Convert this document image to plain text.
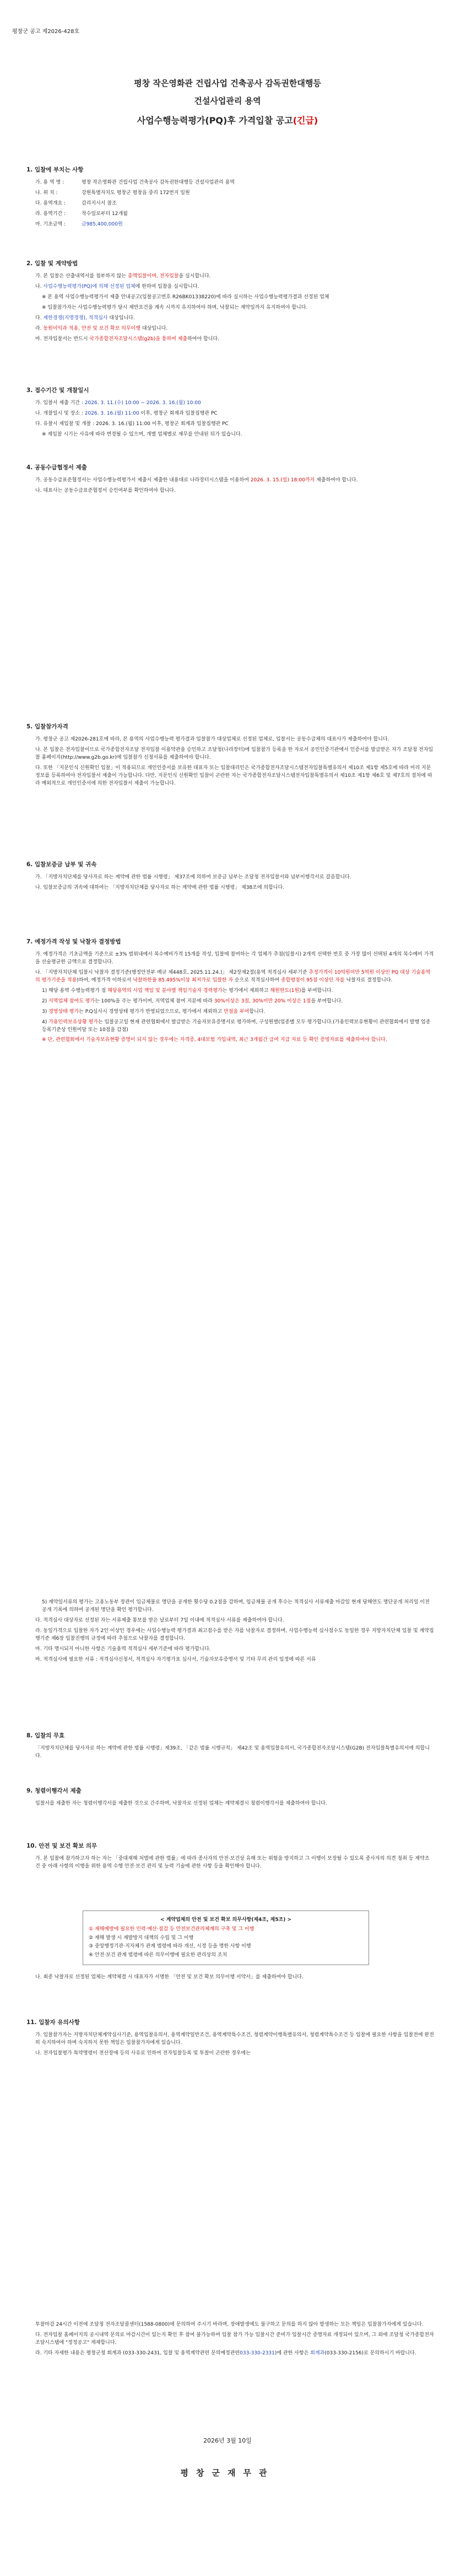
평창군 공고 제2026-428호
평창 작은영화관 건립사업 건축공사 감독권한대행등
건설사업관리 용역
사업수행능력평가(PQ)후 가격입찰 공고(긴급)
1. 입찰에 부치는 사항
가. 용 역 명 :	평창 작은영화관 건립사업 건축공사 감독권한대행등 건설사업관리 용역
나. 위 치 :	강원특별자치도 평창군 평창읍 중리 172번지 일원
다. 용역개요 :	감리지시서 참조
라. 용역기간 :	착수일로부터 12개월
마. 기초금액 :	금985,400,000원
2. 입찰 및 계약방법
가. 본 입찰은 산출내역서를 첨부하지 않는 총액입찰이며, 전자입찰을 실시합니다.
나. 사업수행능력평가(PQ)에 의해 선정된 업체에 한하여 입찰을 실시합니다.
※ 본 용역 사업수행능력평가서 제출 안내공고(입찰공고번호 R26BK01338220)에 따라 실시하는 사업수행능력평가결과 선정된 업체
※ 입찰참가자는 사업수행능력평가 당시 제반요건을 계속 시까지 유지하여야 하며, 낙찰되는 계약일까지 유지하여야 합니다.
다. 제한경쟁(지명경쟁), 적격심사 대상입니다.
라. 동원이익과 적용, 안전 및 보건 확보 의무이행 대상입니다.
마. 전자입찰서는 반드시 국가종합전자조달시스템(g2b)을 통하여 제출하여야 합니다.
3. 접수기간 및 개찰일시
가. 입찰서 제출 기간 : 2026. 3. 11.(수) 10:00 ~ 2026. 3. 16.(월) 10:00
나. 개찰일시 및 장소 : 2026. 3. 16.(월) 11:00 이후, 평창군 회계과 입찰집행관 PC
다. 유찰시 재입찰 및 개찰 : 2026. 3. 16.(월) 11:00 이후, 평창군 회계과 입찰집행관 PC
※ 재입찰 시기는 사유에 따라 변경될 수 있으며, 개별 업체별로 재무를 안내된 뒤가 있습니다.
4. 공동수급협정서 제출
가. 공동수급표준협정서는 사업수행능력평가서 제출시 제출한 내용대로 나라장터시스템을 이용하여 2026. 3. 15.(일) 18:00까지 제출하여야 합니다.
나. 대표사는 공동수급표준협정서 승인여부를 확인하여야 합니다.
5. 입찰참가자격
가. 평창군 공고 제2026-281호에 따라, 본 용역의 사업수행능력 평가결과 입찰참가 대상업체로 선정된 업체로, 입찰서는 공동수급체의 대표사가 제출하여야 합니다.
나. 본 입찰은 전자입찰이므로 국가종합전자조달 전자입찰 이용약관을 승인하고 조달청(나라장터)에 입찰참가 등록을 한 자로서 공인인증기관에서 인증서를 발급받은 자가 조달청 전자입찰 홈페이지(http://www.g2b.go.kr)에 입찰참가 신청서류를 제출하여야 합니다.
다. 또한 「지문인식 신원확인 입찰」이 적용되므로 개인인증서를 보유한 대표자 또는 입찰대리인은 국가종합전자조달시스템전자입찰특별유의서 제10조 제1항 제5호에 따라 미리 지문정보를 등록하여야 전자입찰서 제출이 가능합니다. 다만, 지문인식 신원확인 입찰이 곤란한 자는 국가종합전자조달시스템전자입찰특별유의서 제10조 제1항 제6호 및 제7호의 절차에 따라 예외적으로 개인인증서에 의한 전자입찰서 제출이 가능합니다.
6. 입찰보증금 납부 및 귀속
가. 「지방자치단체를 당사자로 하는 계약에 관한 법률 시행령」 제37조에 의하여 보증금 납부는 조달청 전자입찰서와 납부이행각서로 갈음합니다.
나. 입찰보증금의 귀속에 대하여는 「지방자치단체를 당사자로 하는 계약에 관한 법률 시행령」 제38조에 의합니다.
7. 예정가격 작성 및 낙찰자 결정방법
가. 예정가격은 기초금액을 기준으로 ±3% 범위내에서 복수예비가격 15개를 작성, 입찰에 참여하는 각 업체가 추첨(입찰시) 2개씩 선택한 번호 중 가장 많이 선택된 4개의 복수예비 가격을 산술평균한 금액으로 결정합니다.
나. 「지방자치단체 입찰시 낙찰자 결정기준(행정안전부 예규 제448호, 2025.11.24.)」 제2장제2절(용역 적격심사 세부기준 추정가격이 10억원미만 5억원 이상인 PQ 대상 기술용역의 평가기준을 적용)하여, 예정가격 이하로서 낙찰하한율 85.495%이상 최저가로 입찰한 자 순으로 적격심사하여 종합평점이 95점 이상인 자를 낙찰자로 결정합니다.
1) 해당 용역 수행능력평가 점 해당용역의 사업 책임 및 분야별 책임기술자 경력평가는 평가에서 제외하고 해원한도(1원)를 부여합니다.
2) 지역업체 참여도 평가는 100%을 주는 평가이며, 지역업체 참여 지분에 따라 30%이상은 3점, 30%미만 20% 이상은 1점을 부여합니다.
3) 경영상태 평가는 P.Q심사시 경영상태 평가가 반영되었으므로, 평가에서 제외하고 만점을 부여합니다.
4) 가용인력보유상황 평가는 입찰공고일 현재 관련협회에서 발급받은 기술자보유증명서로 평가하며, 구성원별(업종별 모두 평가합니다.(가용인력보유현황이 관련협회에서 발행 업종 등록기준상 인원미달 또는 10점을 감점)
※ 단, 관련협회에서 기술자보유현황 증명이 되지 않는 경우에는 자격증, 4대보험 가입내역, 최근 3개월간 급여 지급 자료 등 확인 증빙자료를 제출하여야 합니다.
5) 계약일서류의 평가는 고용노동부 장관이 입금체불로 명단을 공개한 횟수당 0.2점을 감하며, 임금체불 공개 후수는 적격심사 서류제출 마감일 현재 당해연도 명단공개 처리일 이전 공개 기록에 의하여 공개된 명단을 확인 평가합니다.
다. 적격심사 대상자로 선정된 자는 서류제출 통보를 받은 날로부터 7일 이내에 적격심사 서류를 제출하여야 합니다.
라. 동일가격으로 입찰한 자가 2인 이상인 경우에는 사업수행능력 평가결과 최고점수를 받은 자를 낙찰자로 결정하며, 사업수행능력 심사점수도 동일한 경우 지방자치단체 입찰 및 계약집행기준 제6장 입찰진행의 규정에 따라 추첨으로 낙찰자를 결정합니다.
마. 기타 명시되지 아니한 사항은 기술용역 적격심사 세부기준에 따라 평가합니다.
바. 적격심사에 필요한 서류 : 적격심사신청서, 적격심사 자기평가표 심사서, 기술자보유증명서 및 기타 무리 관리 일정에 따른 서류
8. 입찰의 무효
「지방자치단체를 당사자로 하는 계약에 관한 법률 시행령」제39조, 「같은 법률 시행규칙」 제42조 및 용역입찰유의서, 국가종합전자조달시스템(G2B) 전자입찰특별유의서에 의합니다.
9. 청렴이행각서 제출
입찰서를 제출한 자는 청렴이행각서를 제출한 것으로 간주하며, 낙찰자로 선정된 업체는 계약체결시 청렴이행각서를 제출하여야 합니다.
10. 안전 및 보건 확보 의무
가. 본 입찰에 참가하고자 하는 자는 「중대재해 처벌에 관한 법률」에 따라 종사자의 안전·보건상 유해 또는 위험을 방지하고 그 이행이 보장될 수 있도록 종사자의 의견 청취 등 계약조건 중 아래 사항의 이행을 위한 용역 수행 안전·보건 관리 및 능력 기술에 관한 사항 등을 확인해야 합니다.
< 계약업체의 안전 및 보건 확보 의무사항(제4조, 제5조) >
① 재해예방에 필요한 인력·예산·점검 등 안전보건관리체계의 구축 및 그 이행
② 재해 발생 시 재발방지 대책의 수립 및 그 이행
③ 중앙행정기관·지자체가 관계 법령에 따라 개선, 시정 등을 명한 사항 이행
④ 안전·보건 관계 법령에 따른 의무이행에 필요한 관리상의 조치
나. 최종 낙찰자로 선정된 업체는 계약체결 시 대표자가 서명한 「안전 및 보건 확보 의무이행 서약서」를 제출하여야 합니다.
11. 입찰자 유의사항
가. 입찰참가자는 지방자치단체계약심사기준, 용역입찰유의서, 용역계약일반조건, 용역계약특수조건, 청렴계약이행특별유의서, 청렴계약특수조건 등 입찰에 필요한 사항을 입찰전에 완전히 숙지하여야 하며 숙지하지 못한 책임은 입찰참가자에게 있습니다.
나. 전자입찰평가 특약명령이 전산장애 등의 사유로 인하여 전자입찰등록 및 투찰이 곤란한 경우에는
투찰마감 24시간 이전에 조달청 전자조달콜센터(1588-0800)에 문의하여 주시기 바라며, 장애발생에도 불구하고 문의를 하지 않아 발생하는 모든 책임은 입찰참가자에게 있습니다.
다. 전자입찰 홈페이지의 공시내역 문의로 마감시간이 있는지 확인 후 참여 불가능하여 입찰 참가 가능 입찰시간 준비가 입찰시간 증명자료 개정되어 있으며, 그 외에 조달청 국가종합전자조달시스템에 "정정공고" 게재합니다.
라. 기타 자세한 내용은 평창군청 회계과 (033-330-2431, 입찰 및 용역계약관련 문의예정관련033-330-2331)에 관한 사항은 회계과(033-330-2156)로 문의하시기 바랍니다.
2026년 3월 10일
평창군재무관
